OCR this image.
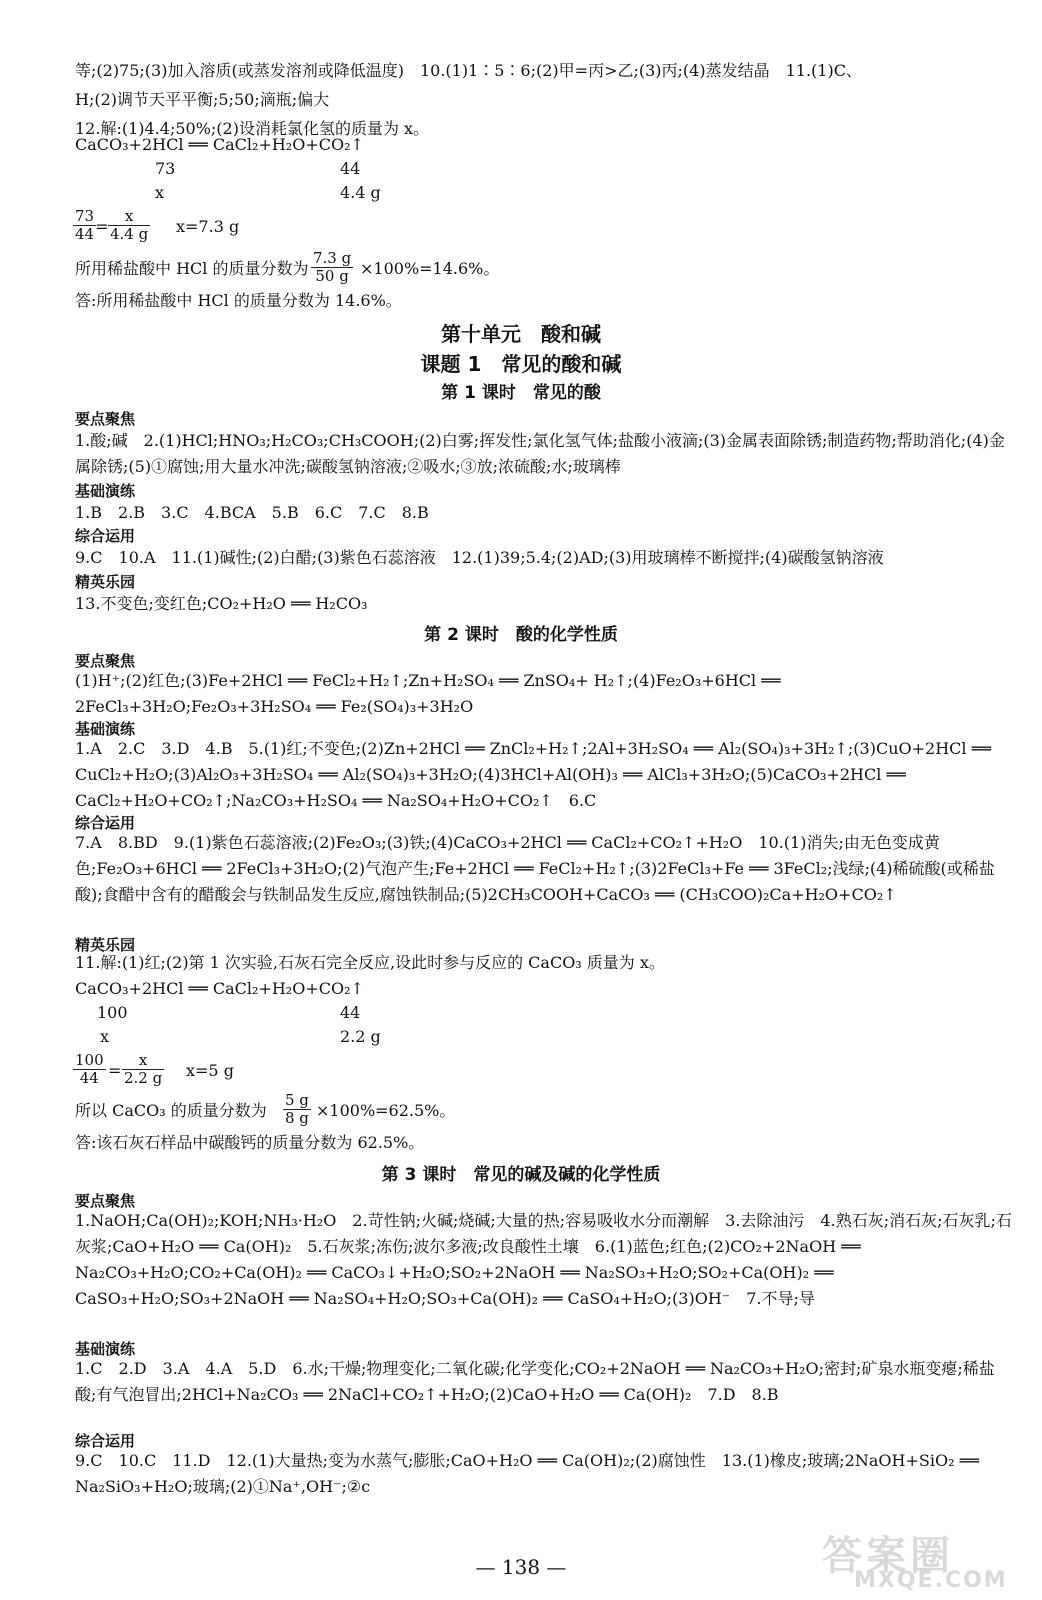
等;(2)75;(3)加入溶质(或蒸发溶剂或降低温度)　10.(1)1∶5∶6;(2)甲=丙>乙;(3)丙;(4)蒸发结晶　11.(1)C、

H;(2)调节天平平衡;5;50;滴瓶;偏大

12.解:(1)4.4;50%;(2)设消耗氯化氢的质量为 x。

CaCO₃+2HCl ══ CaCl₂+H₂O+CO₂↑
73	44
x	4.4 g
$\frac{73}{44}$
= $\frac{x}{4.4 g} x=7.3$ g
所用稀盐酸中 HCl 的质量分数为 $\frac{7.3 g}{50 g} \times 100\%=14.6\%$。
答:所用稀盐酸中 HCl 的质量分数为 14.6%。
第十单元　酸和碱
课题 1　常见的酸和碱
第 1 课时　常见的酸
要点聚焦
1.酸;碱　2.(1)HCl;HNO₃;H₂CO₃;CH₃COOH;(2)白雾;挥发性;氯化氢气体;盐酸小液滴;(3)金属表面除锈;制造药物;帮助消化;(4)金属除锈;(5)①腐蚀;用大量水冲洗;碳酸氢钠溶液;②吸水;③放;浓硫酸;水;玻璃棒
基础演练
1.B　2.B　3.C　4.BCA　5.B　6.C　7.C　8.B
综合运用
9.C　10.A　11.(1)碱性;(2)白醋;(3)紫色石蕊溶液　12.(1)39;5.4;(2)AD;(3)用玻璃棒不断搅拌;(4)碳酸氢钠溶液
精英乐园
13.不变色;变红色;CO₂+H₂O ══ H₂CO₃
第 2 课时　酸的化学性质
要点聚焦
(1)H⁺;(2)红色;(3)Fe+2HCl ══ FeCl₂+H₂↑;Zn+H₂SO₄ ══ ZnSO₄+ H₂↑;(4)Fe₂O₃+6HCl ══ 2FeCl₃+3H₂O;Fe₂O₃+3H₂SO₄ ══ Fe₂(SO₄)₃+3H₂O
基础演练
1.A　2.C　3.D　4.B　5.(1)红;不变色;(2)Zn+2HCl ══ ZnCl₂+H₂↑;2Al+3H₂SO₄ ══ Al₂(SO₄)₃+3H₂↑;(3)CuO+2HCl ══ CuCl₂+H₂O;(3)Al₂O₃+3H₂SO₄ ══ Al₂(SO₄)₃+3H₂O;(4)3HCl+Al(OH)₃ ══ AlCl₃+3H₂O;(5)CaCO₃+2HCl ══ CaCl₂+H₂O+CO₂↑;Na₂CO₃+H₂SO₄ ══ Na₂SO₄+H₂O+CO₂↑　6.C
综合运用
7.A　8.BD　9.(1)紫色石蕊溶液;(2)Fe₂O₃;(3)铁;(4)CaCO₃+2HCl ══ CaCl₂+CO₂↑+H₂O　10.(1)消失;由无色变成黄色;Fe₂O₃+6HCl ══ 2FeCl₃+3H₂O;(2)气泡产生;Fe+2HCl ══ FeCl₂+H₂↑;(3)2FeCl₃+Fe ══ 3FeCl₂;浅绿;(4)稀硫酸(或稀盐酸);食醋中含有的醋酸会与铁制品发生反应,腐蚀铁制品;(5)2CH₃COOH+CaCO₃ ══ (CH₃COO)₂Ca+H₂O+CO₂↑
精英乐园
11.解:(1)红;(2)第 1 次实验,石灰石完全反应,设此时参与反应的 CaCO₃ 质量为 x。
CaCO₃+2HCl ══ CaCl₂+H₂O+CO₂↑
100	44
x	2.2 g
$\frac{100}{44} = \frac{x}{2.2 g} x=5$ g
所以 CaCO₃ 的质量分数为 $\frac{5 g}{8 g} \times 100\%=62.5\%$。
答:该石灰石样品中碳酸钙的质量分数为 62.5%。
第 3 课时　常见的碱及碱的化学性质
要点聚焦
1.NaOH;Ca(OH)₂;KOH;NH₃·H₂O　2.苛性钠;火碱;烧碱;大量的热;容易吸收水分而潮解　3.去除油污　4.熟石灰;消石灰;石灰乳;石灰浆;CaO+H₂O ══ Ca(OH)₂　5.石灰浆;冻伤;波尔多液;改良酸性土壤　6.(1)蓝色;红色;(2)CO₂+2NaOH ══ Na₂CO₃+H₂O;CO₂+Ca(OH)₂ ══ CaCO₃↓+H₂O;SO₂+2NaOH ══ Na₂SO₃+H₂O;SO₂+Ca(OH)₂ ══ CaSO₃+H₂O;SO₃+2NaOH ══ Na₂SO₄+H₂O;SO₃+Ca(OH)₂ ══ CaSO₄+H₂O;(3)OH⁻　7.不导;导
基础演练
1.C　2.D　3.A　4.A　5.D　6.水;干燥;物理变化;二氧化碳;化学变化;CO₂+2NaOH ══ Na₂CO₃+H₂O;密封;矿泉水瓶变瘪;稀盐酸;有气泡冒出;2HCl+Na₂CO₃ ══ 2NaCl+CO₂↑+H₂O;(2)CaO+H₂O ══ Ca(OH)₂　7.D　8.B
综合运用
9.C　10.C　11.D　12.(1)大量热;变为水蒸气;膨胀;CaO+H₂O ══ Ca(OH)₂;(2)腐蚀性　13.(1)橡皮;玻璃;2NaOH+SiO₂ ══ Na₂SiO₃+H₂O;玻璃;(2)①Na⁺,OH⁻;②c
— 138 —	答案圈
MXQE.COM
